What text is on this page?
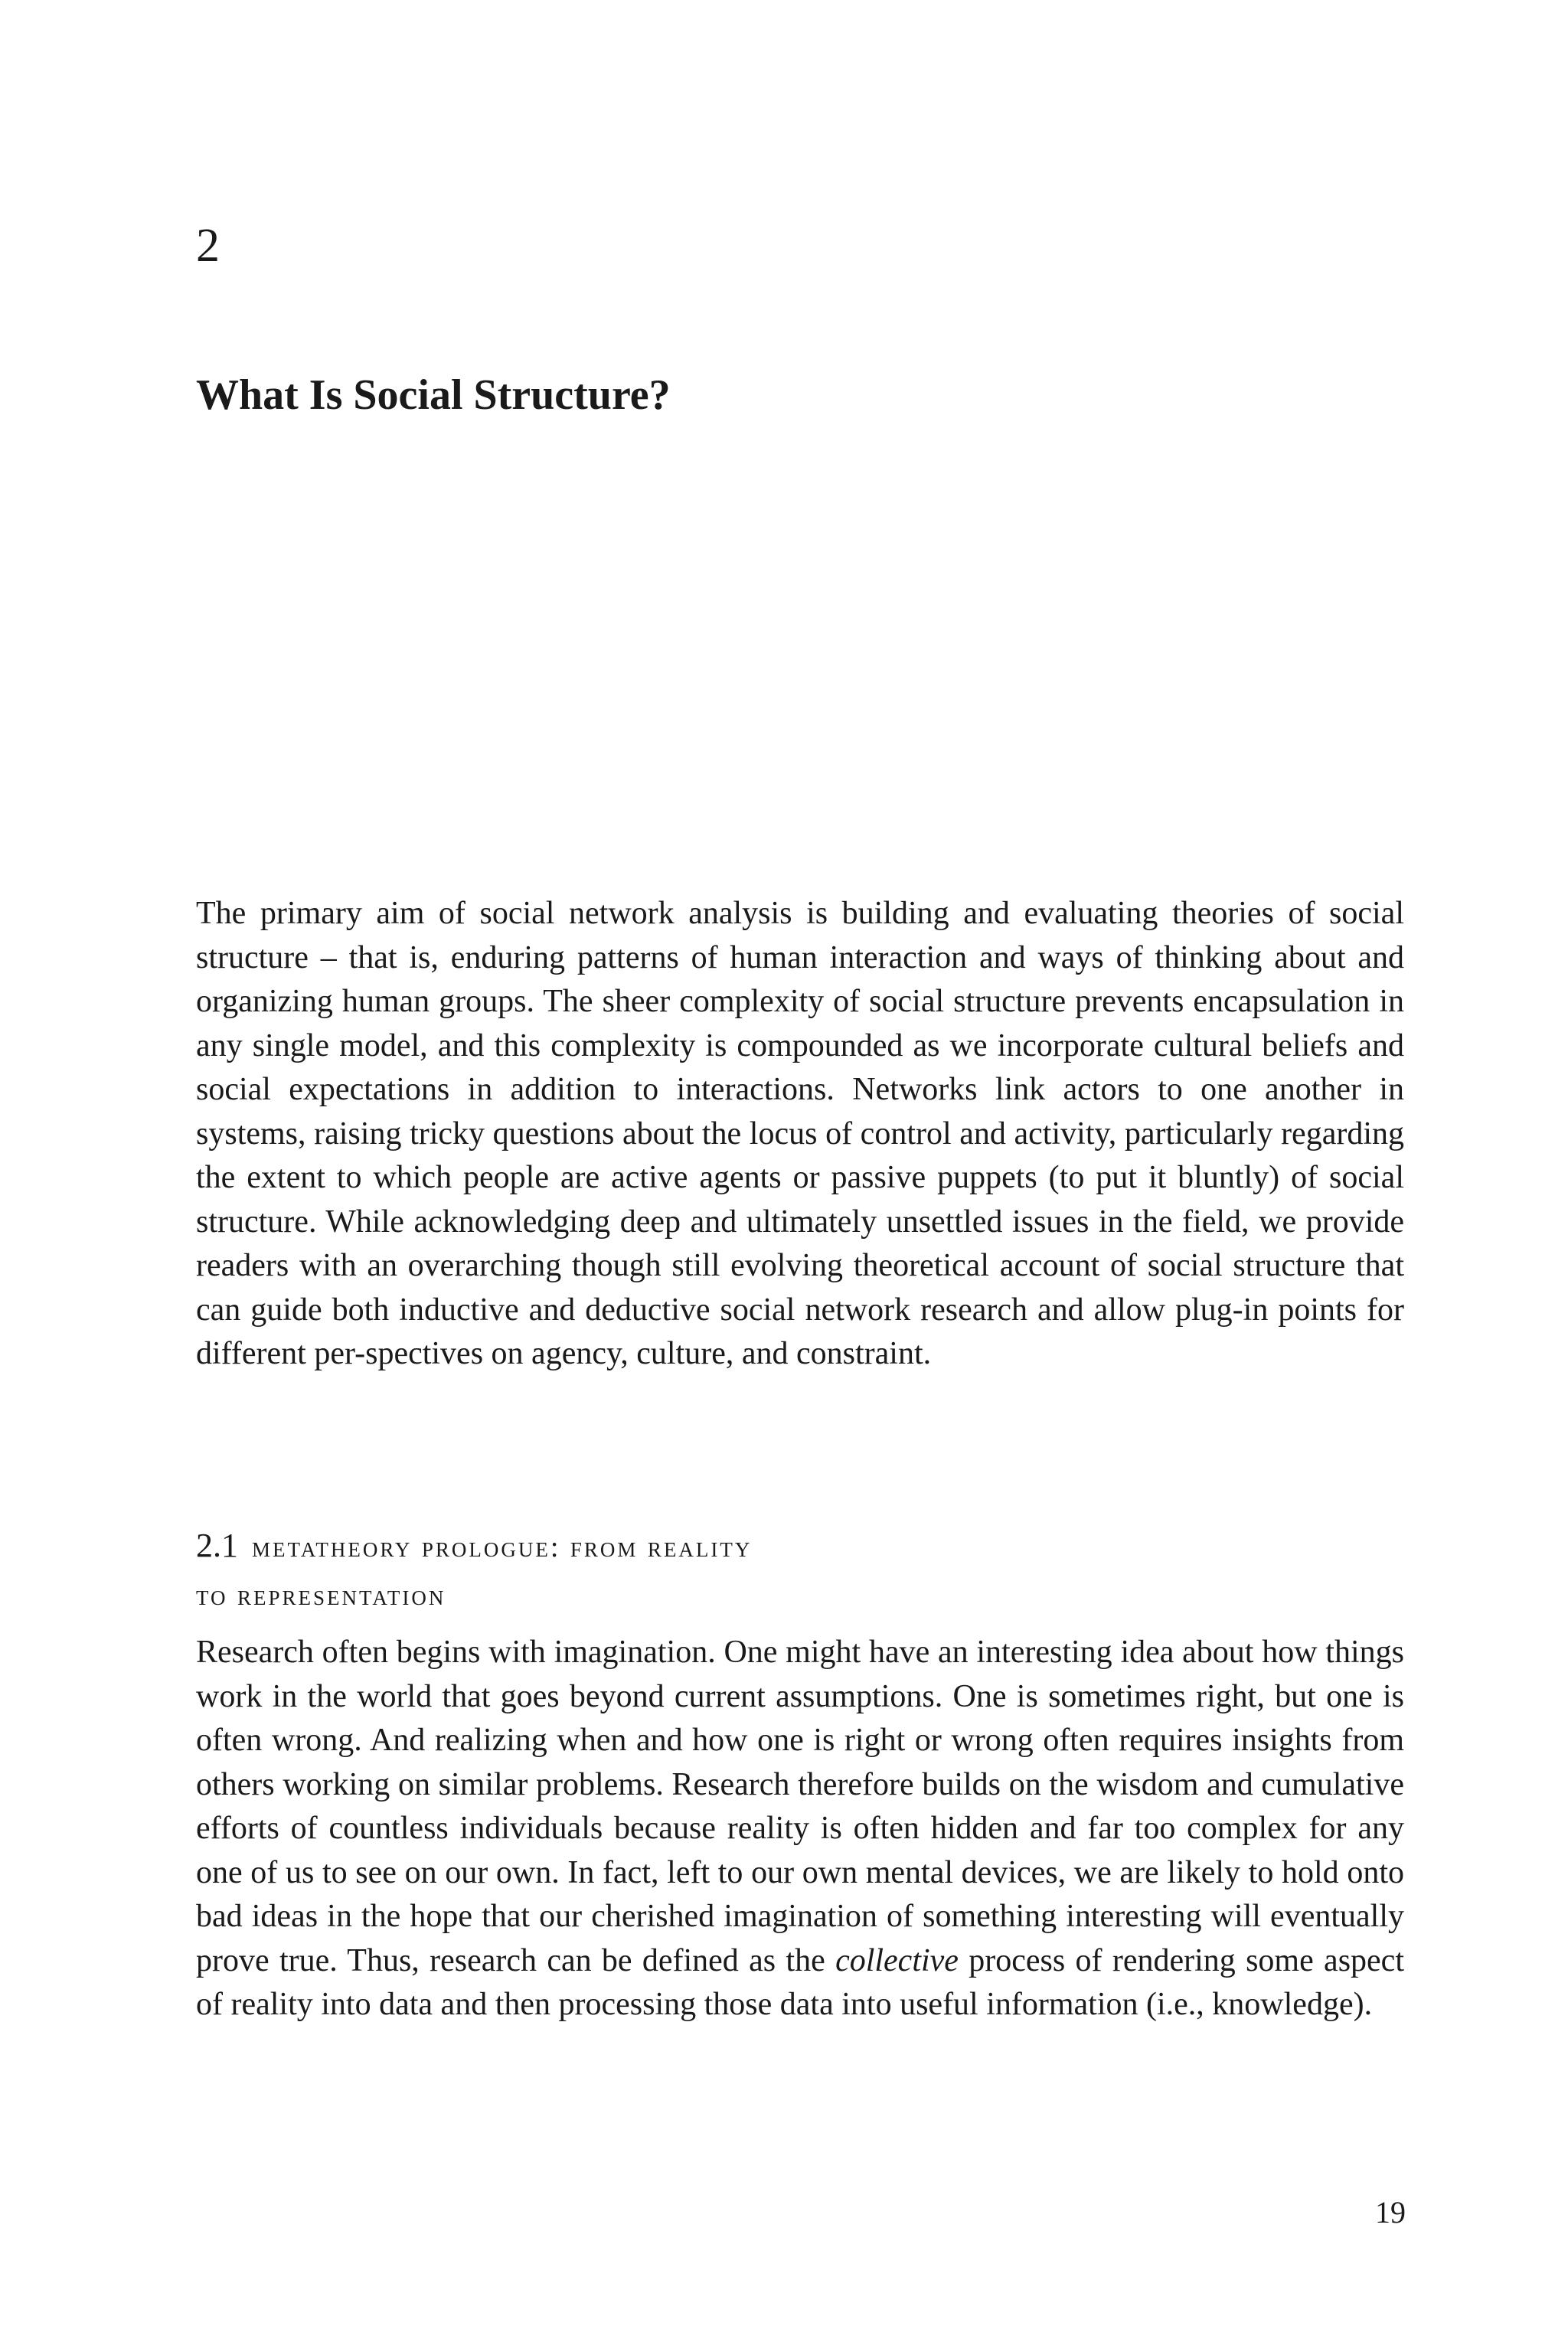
2
What Is Social Structure?

The primary aim of social network analysis is building and evaluating theories of social structure – that is, enduring patterns of human interaction and ways of thinking about and organizing human groups. The sheer complexity of social structure prevents encapsulation in any single model, and this complexity is compounded as we incorporate cultural beliefs and social expectations in addition to interactions. Networks link actors to one another in systems, raising tricky questions about the locus of control and activity, particularly regarding the extent to which people are active agents or passive puppets (to put it bluntly) of social structure. While acknowledging deep and ultimately unsettled issues in the field, we provide readers with an overarching though still evolving theoretical account of social structure that can guide both inductive and deductive social network research and allow plug-in points for different per-spectives on agency, culture, and constraint.

2.1 metatheory prologue: from reality
to representation

Research often begins with imagination. One might have an interesting idea about how things work in the world that goes beyond current assumptions. One is sometimes right, but one is often wrong. And realizing when and how one is right or wrong often requires insights from others working on similar problems. Research therefore builds on the wisdom and cumulative efforts of countless individuals because reality is often hidden and far too complex for any one of us to see on our own. In fact, left to our own mental devices, we are likely to hold onto bad ideas in the hope that our cherished imagination of something interesting will eventually prove true. Thus, research can be defined as the collective process of rendering some aspect of reality into data and then processing those data into useful information (i.e., knowledge).

19
